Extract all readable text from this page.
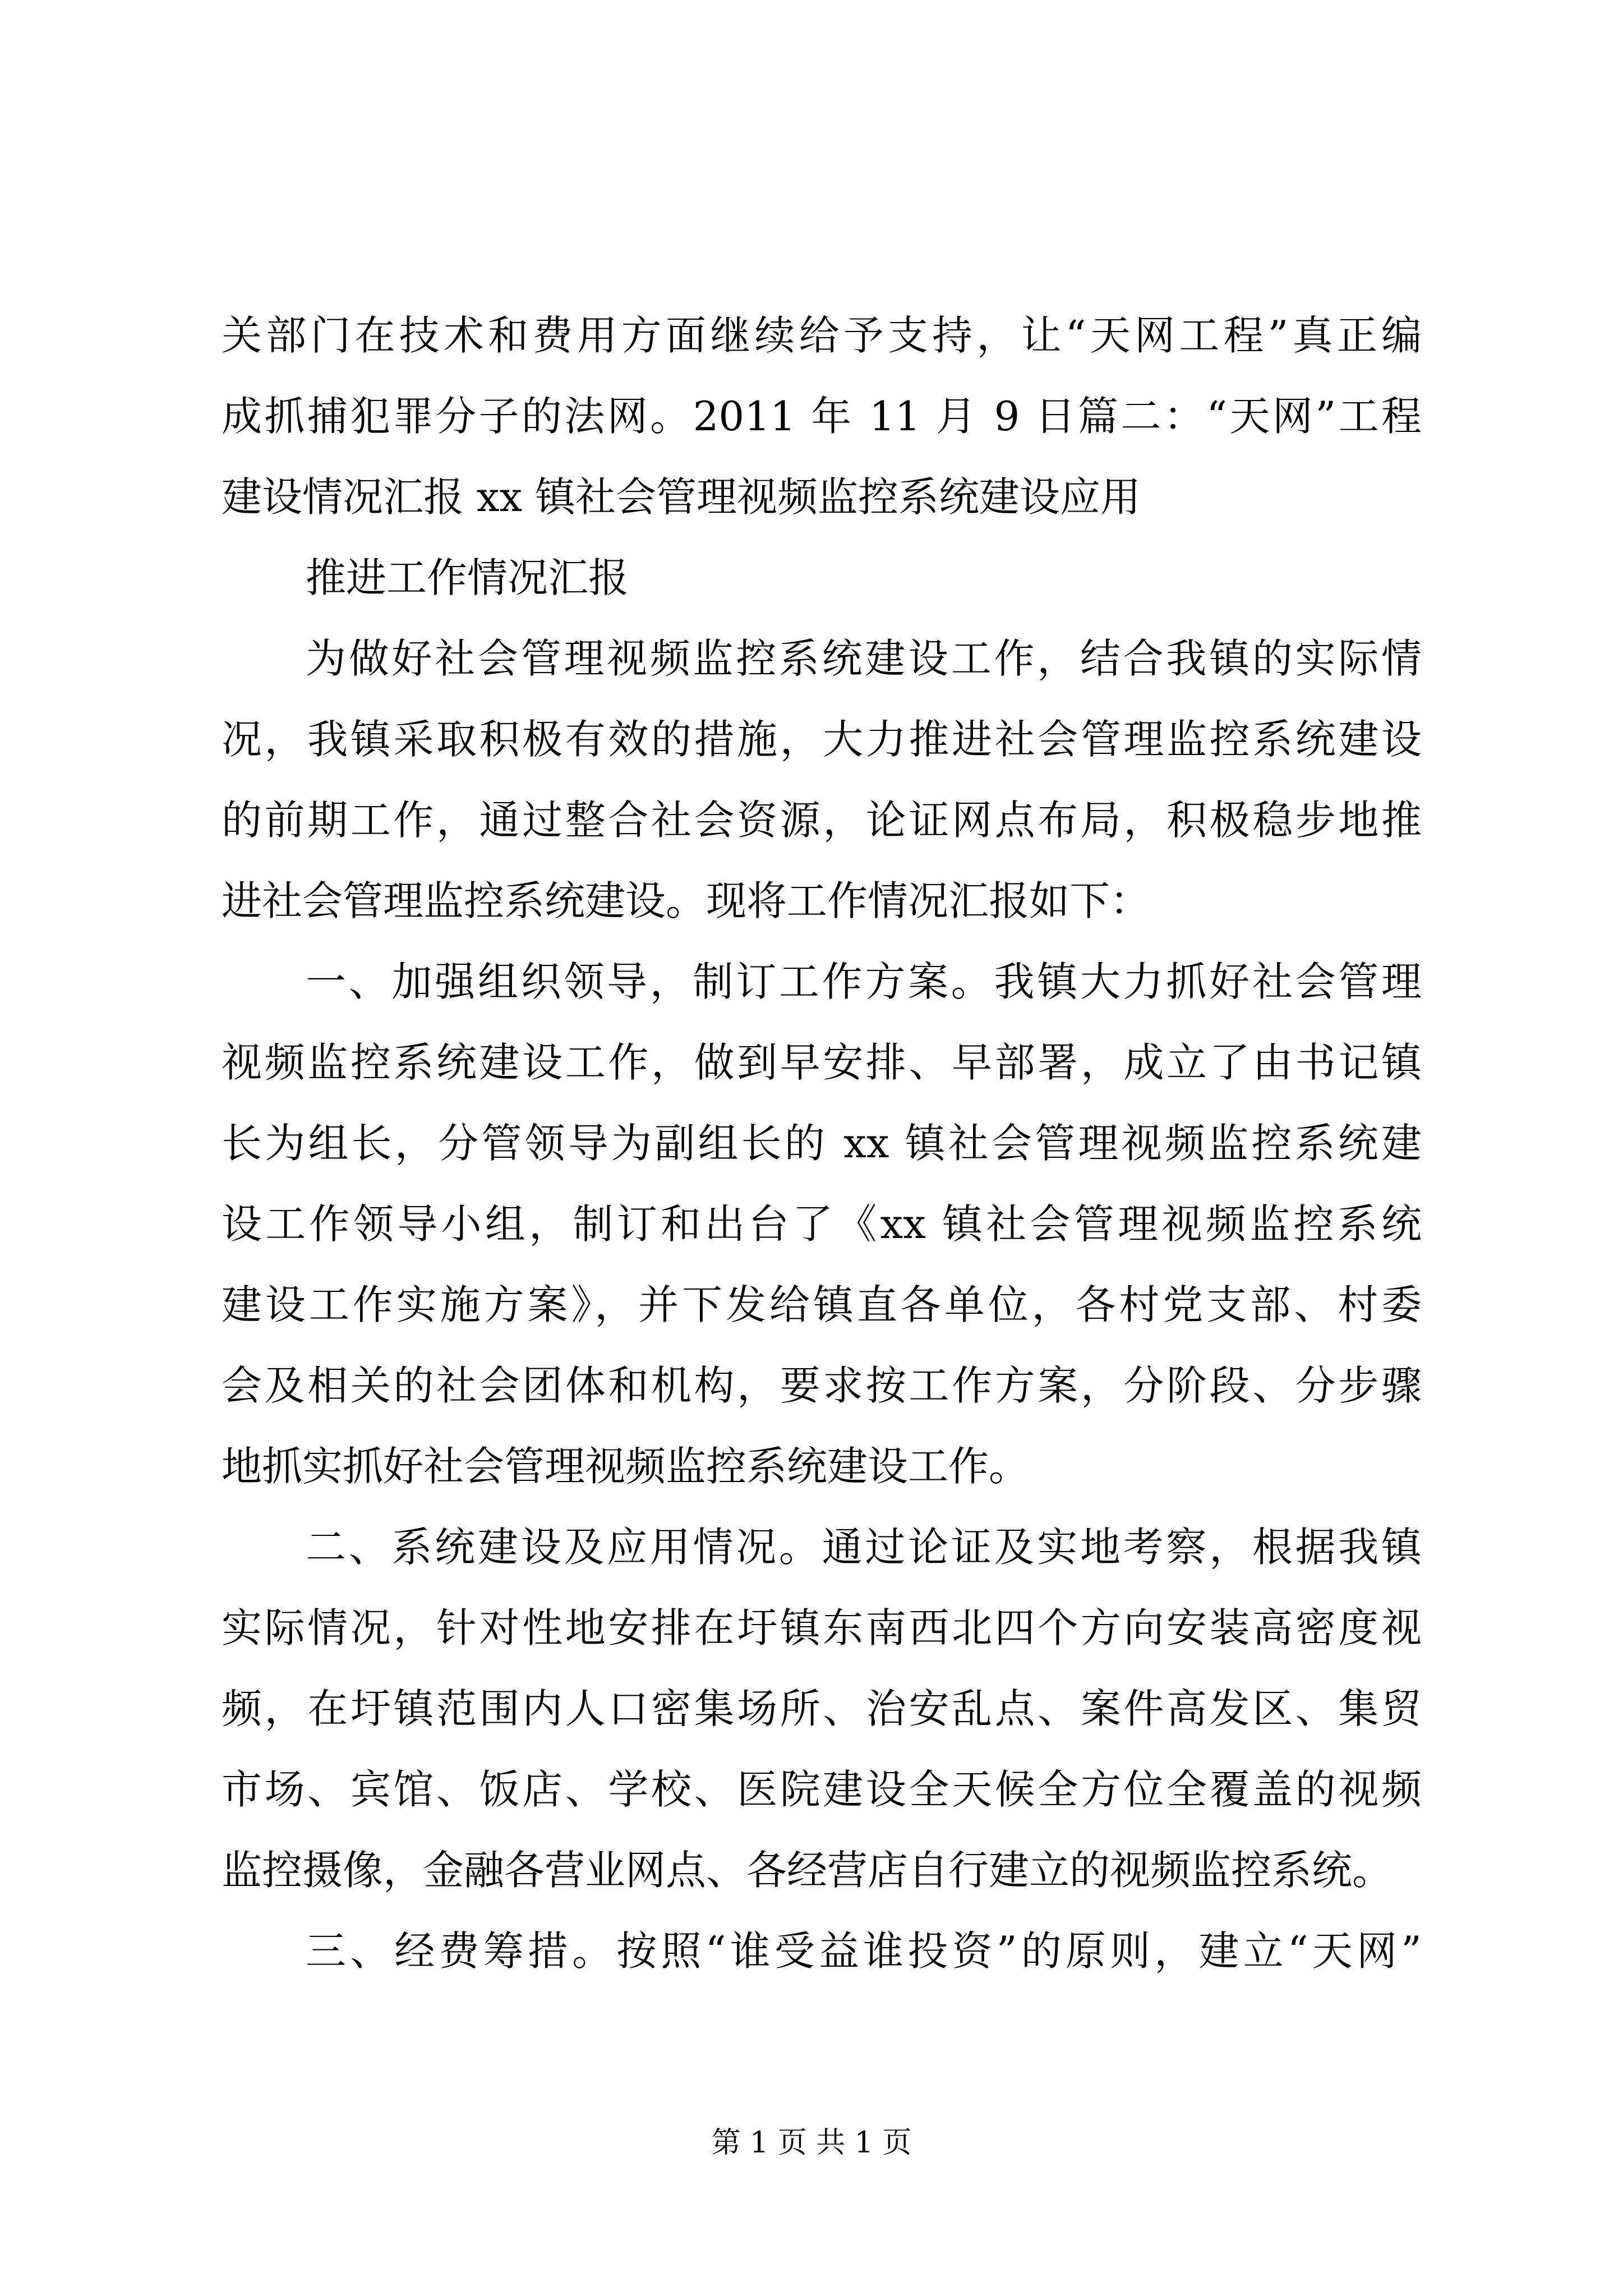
关部门在技术和费用方面继续给予支持，让“天网工程”真正编
成抓捕犯罪分子的法网。2011 年 11 月 9 日篇二：“天网”工程
建设情况汇报 xx 镇社会管理视频监控系统建设应用
推进工作情况汇报
为做好社会管理视频监控系统建设工作，结合我镇的实际情
况，我镇采取积极有效的措施，大力推进社会管理监控系统建设
的前期工作，通过整合社会资源，论证网点布局，积极稳步地推
进社会管理监控系统建设。现将工作情况汇报如下：
一、加强组织领导，制订工作方案。我镇大力抓好社会管理
视频监控系统建设工作，做到早安排、早部署，成立了由书记镇
长为组长，分管领导为副组长的 xx 镇社会管理视频监控系统建
设工作领导小组，制订和出台了《xx 镇社会管理视频监控系统
建设工作实施方案》，并下发给镇直各单位，各村党支部、村委
会及相关的社会团体和机构，要求按工作方案，分阶段、分步骤
地抓实抓好社会管理视频监控系统建设工作。
二、系统建设及应用情况。通过论证及实地考察，根据我镇
实际情况，针对性地安排在圩镇东南西北四个方向安装高密度视
频，在圩镇范围内人口密集场所、治安乱点、案件高发区、集贸
市场、宾馆、饭店、学校、医院建设全天候全方位全覆盖的视频
监控摄像，金融各营业网点、各经营店自行建立的视频监控系统。
三、经费筹措。按照“谁受益谁投资”的原则，建立“天网”
第 1 页 共 1 页
